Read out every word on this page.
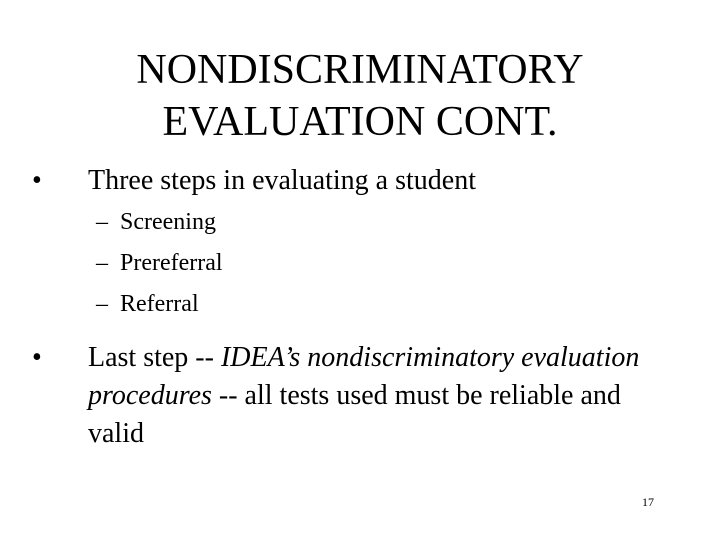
NONDISCRIMINATORY
EVALUATION CONT.
•	Three steps in evaluating a student
– Screening
– Prereferral
– Referral
•	Last step -- IDEA’s nondiscriminatory evaluation procedures -- all tests used must be reliable and valid
17
